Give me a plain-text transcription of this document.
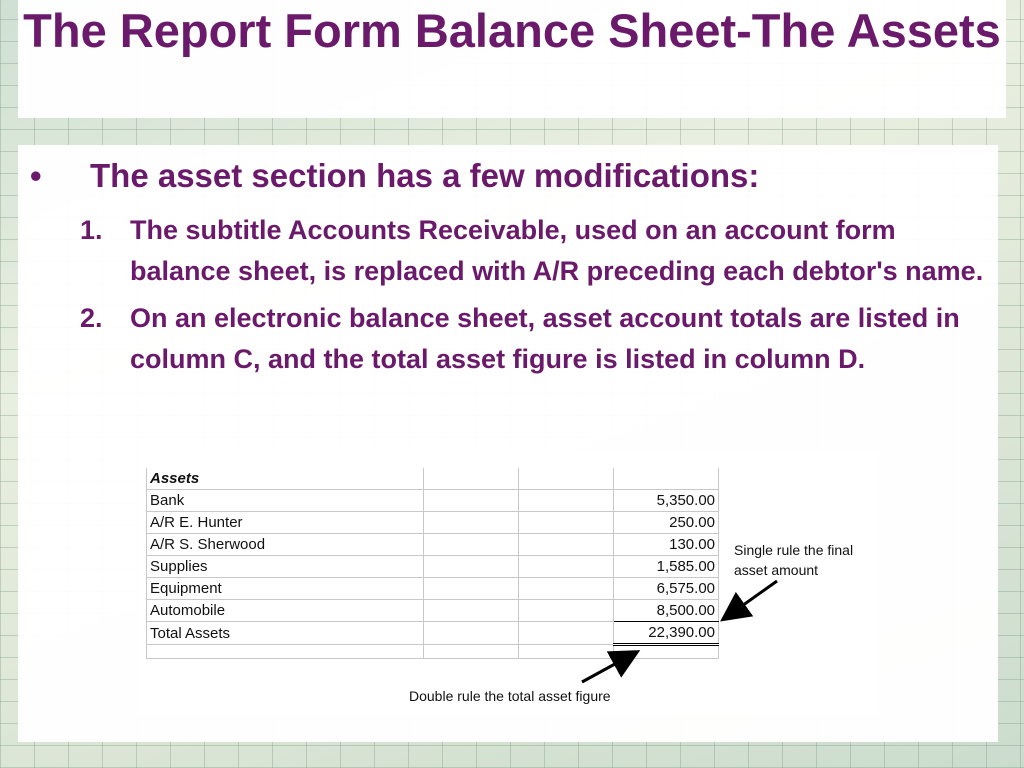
The Report Form Balance Sheet-The Assets
•	The asset section has a few modifications:
1.	The subtitle Accounts Receivable, used on an account form balance sheet, is replaced with A/R preceding each debtor's name.
2.	On an electronic balance sheet, asset account totals are listed in column C, and the total asset figure is listed in column D.
Assets			
Bank			5,350.00
A/R E. Hunter			250.00
A/R S. Sherwood			130.00
Supplies			1,585.00
Equipment			6,575.00
Automobile			8,500.00
Total Assets			22,390.00

Single rule the final asset amount
Double rule the total asset figure
